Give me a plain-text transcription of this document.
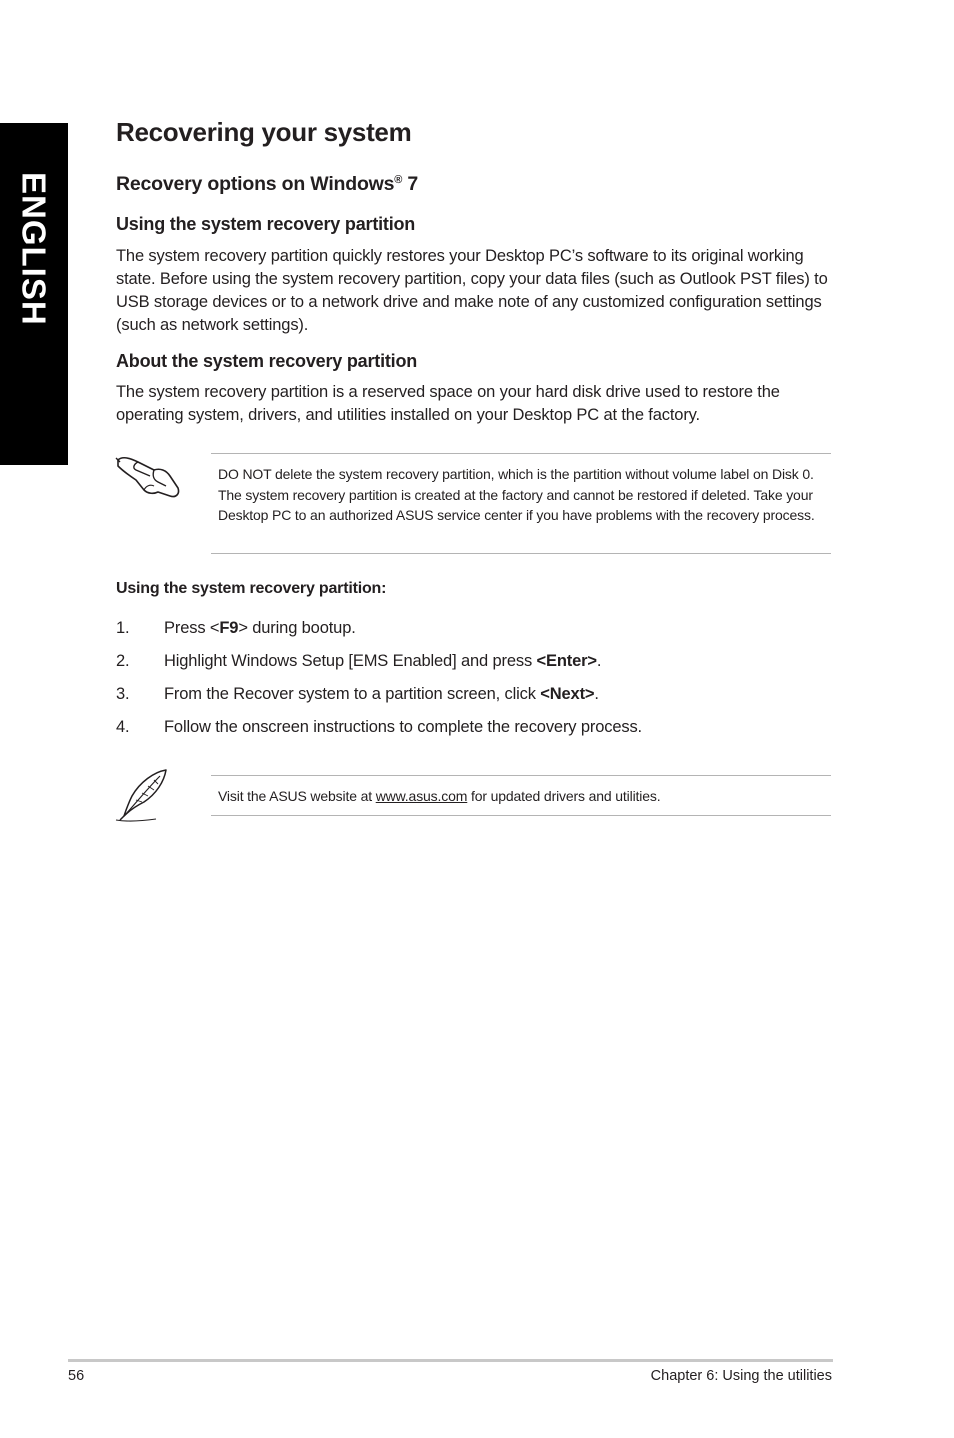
ENGLISH
Recovering your system
Recovery options on Windows® 7
Using the system recovery partition

The system recovery partition quickly restores your Desktop PC’s software to its original working state. Before using the system recovery partition, copy your data files (such as Outlook PST files) to USB storage devices or to a network drive and make note of any customized configuration settings (such as network settings).

About the system recovery partition

The system recovery partition is a reserved space on your hard disk drive used to restore the operating system, drivers, and utilities installed on your Desktop PC at the factory.

DO NOT delete the system recovery partition, which is the partition without volume label on Disk 0. The system recovery partition is created at the factory and cannot be restored if deleted. Take your Desktop PC to an authorized ASUS service center if you have problems with the recovery process.

Using the system recovery partition:
1. Press <F9> during bootup.
2. Highlight Windows Setup [EMS Enabled] and press <Enter>.
3. From the Recover system to a partition screen, click <Next>.
4. Follow the onscreen instructions to complete the recovery process.

Visit the ASUS website at www.asus.com for updated drivers and utilities.

56	Chapter 6: Using the utilities
